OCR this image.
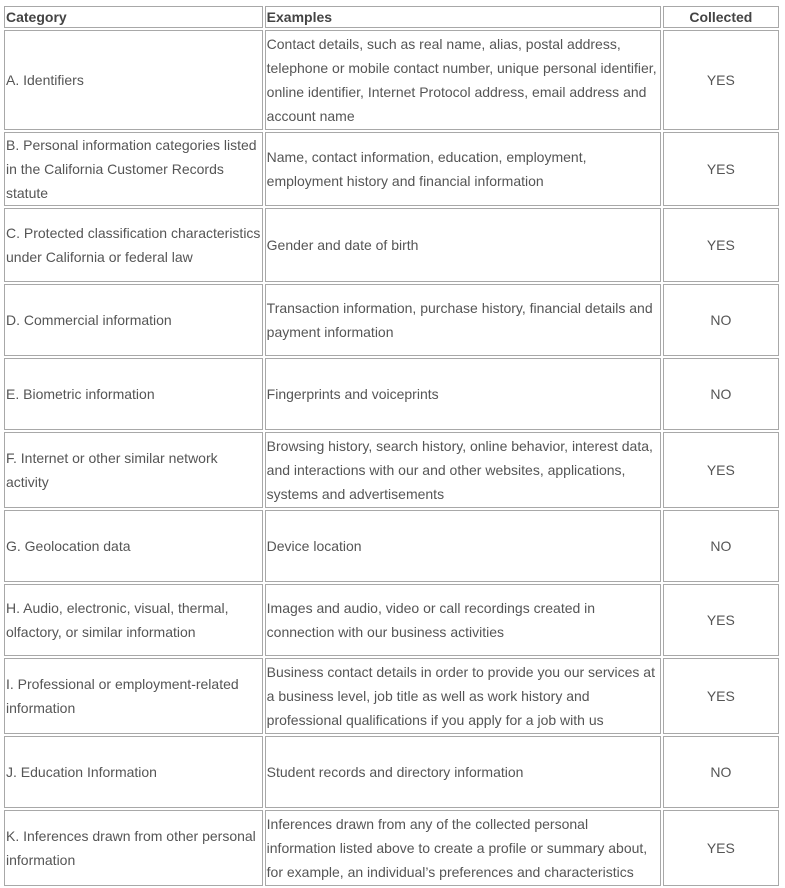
Category	Examples	Collected
A. Identifiers	Contact details, such as real name, alias, postal address, telephone or mobile contact number, unique personal identifier, online identifier, Internet Protocol address, email address and account name	YES
B. Personal information categories listed in the California Customer Records statute	Name, contact information, education, employment, employment history and financial information	YES
C. Protected classification characteristics under California or federal law	Gender and date of birth	YES
D. Commercial information	Transaction information, purchase history, financial details and payment information	NO
E. Biometric information	Fingerprints and voiceprints	NO
F. Internet or other similar network activity	Browsing history, search history, online behavior, interest data, and interactions with our and other websites, applications, systems and advertisements	YES
G. Geolocation data	Device location	NO
H. Audio, electronic, visual, thermal, olfactory, or similar information	Images and audio, video or call recordings created in connection with our business activities	YES
I. Professional or employment-related information	Business contact details in order to provide you our services at a business level, job title as well as work history and professional qualifications if you apply for a job with us	YES
J. Education Information	Student records and directory information	NO
K. Inferences drawn from other personal information	Inferences drawn from any of the collected personal information listed above to create a profile or summary about, for example, an individual’s preferences and characteristics	YES
